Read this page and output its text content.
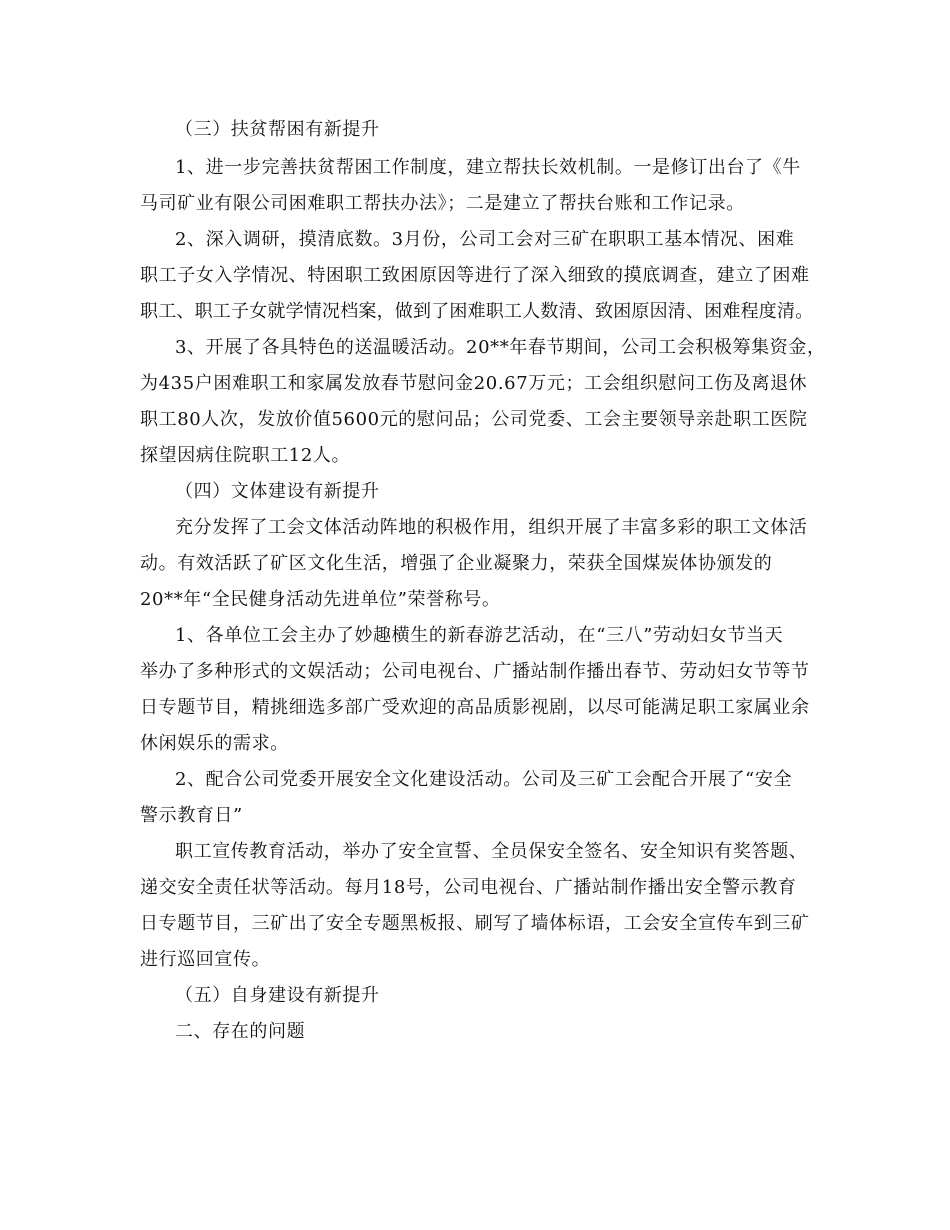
（三）扶贫帮困有新提升
1、进一步完善扶贫帮困工作制度，建立帮扶长效机制。一是修订出台了《牛
马司矿业有限公司困难职工帮扶办法》；二是建立了帮扶台账和工作记录。
2、深入调研，摸清底数。3月份，公司工会对三矿在职职工基本情况、困难
职工子女入学情况、特困职工致困原因等进行了深入细致的摸底调查，建立了困难
职工、职工子女就学情况档案，做到了困难职工人数清、致困原因清、困难程度清。
3、开展了各具特色的送温暖活动。20**年春节期间，公司工会积极筹集资金，
为435户困难职工和家属发放春节慰问金20.67万元；工会组织慰问工伤及离退休
职工80人次，发放价值5600元的慰问品；公司党委、工会主要领导亲赴职工医院
探望因病住院职工12人。
（四）文体建设有新提升
充分发挥了工会文体活动阵地的积极作用，组织开展了丰富多彩的职工文体活
动。有效活跃了矿区文化生活，增强了企业凝聚力，荣获全国煤炭体协颁发的
20**年“全民健身活动先进单位”荣誉称号。
1、各单位工会主办了妙趣横生的新春游艺活动，在“三八”劳动妇女节当天
举办了多种形式的文娱活动；公司电视台、广播站制作播出春节、劳动妇女节等节
日专题节目，精挑细选多部广受欢迎的高品质影视剧，以尽可能满足职工家属业余
休闲娱乐的需求。
2、配合公司党委开展安全文化建设活动。公司及三矿工会配合开展了“安全
警示教育日”
职工宣传教育活动，举办了安全宣誓、全员保安全签名、安全知识有奖答题、
递交安全责任状等活动。每月18号，公司电视台、广播站制作播出安全警示教育
日专题节目，三矿出了安全专题黑板报、刷写了墙体标语，工会安全宣传车到三矿
进行巡回宣传。
（五）自身建设有新提升
二、存在的问题
